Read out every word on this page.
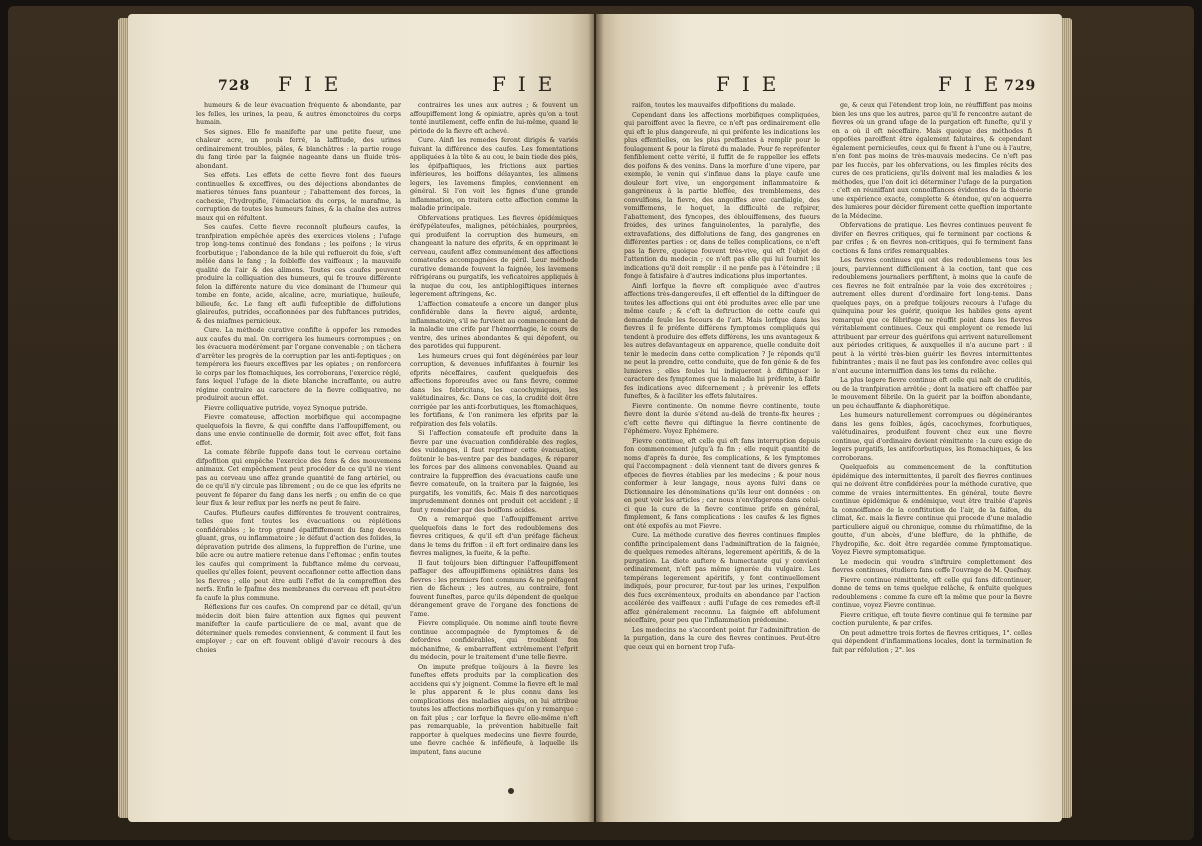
728 FIE	FIE

humeurs & de leur évacuation fréquente & abondante, par les felles, les urines, la peau, & autres émonctoires du corps humain.

Ses signes. Elle fe manifefte par une petite fueur, une chaleur acre, un pouls ferré, la laffitude, des urines ordinairement troubles, pâles, & blanchâtres : la partie rouge du fang tirée par la faignée nageante dans un fluide très-abondant.

Ses effets. Les effets de cette fievre font des fueurs continuelles & exceffives, ou des déjections abondantes de matieres ténues fans puanteur ; l'abattement des forces, la cachexie, l'hydropifie, l'émaciation du corps, le marafme, la corruption de toutes les humeurs faines, & la chaîne des autres maux qui en réfultent.

Ses caufes. Cette fievre reconnoît plufieurs caufes, la tranfpiration empêchée après des exercices violens ; l'ufage trop long-tems continué des fondans ; les poifons ; le virus fcorbutique ; l'abondance de la bile qui reflueroit du foie, s'eft mêlée dans le fang ; la foibleffe des vaiffeaux ; la mauvaife qualité de l'air & des alimens. Toutes ces caufes peuvent produire la colliquation des humeurs, qui fe trouve différente felon la différente nature du vice dominant de l'humeur qui tombe en fonte, acide, alcaline, acre, muriatique, huileufe, bilieufe, &c. Le fang eft aufli fufceptible de diffolutions glaireufes, putrides, occafionnées par des fubftances putrides, & des miafmes pernicieux.

Cure. La méthode curative confifte à oppofer les remedes aux caufes du mal. On corrigera les humeurs corrompues ; on les évacuera modérément par l'organe convenable ; on tâchera d'arrêter les progrès de la corruption par les anti-feptiques ; on tempérera les fueurs exceffives par les opiates ; on renforcera le corps par les ftomachiques, les corroborans, l'exercice réglé, fans lequel l'ufage de la diete blanche incraffante, ou autre régime contraire au caractere de la fievre colliquative, ne produiroit aucun effet.

Fievre colliquative putride, voyez Synoque putride.

Fievre comateuse, affection morbifique qui accompagne quelquefois la fievre, & qui confifte dans l'affoupiffement, ou dans une envie continuelle de dormir, foit avec effet, foit fans effet.

La comate fébrile fuppofe dans tout le cerveau certaine difpofition qui empêche l'exercice des fens & des mouvemens animaux. Cet empêchement peut procéder de ce qu'il ne vient pas au cerveau une affez grande quantité de fang artériel, ou de ce qu'il n'y circule pas librement ; ou de ce que les efprits ne peuvent fe féparer du fang dans les nerfs ; ou enfin de ce que leur flux & leur reflux par les nerfs ne peut fe faire.

Caufes. Plufieurs caufes différentes fe trouvent contraires, telles que font toutes les évacuations ou réplétions confidérables ; le trop grand épaiffiffement du fang devenu gluant, gras, ou inflammatoire ; le défaut d'action des folides, la dépravation putride des alimens, la fuppreffion de l'urine, une bile acre ou autre matiere retenue dans l'eftomac ; enfin toutes les caufes qui compriment la fubftance même du cerveau, quelles qu'elles foient, peuvent occafionner cette affection dans les fievres ; elle peut être aufli l'effet de la compreffion des nerfs. Enfin le fpafme des membranes du cerveau eft peut-être fa caufe la plus commune.

Réflexions fur ces caufes. On comprend par ce détail, qu'un médecin doit bien faire attention aux fignes qui peuvent manifefter la caufe particuliere de ce mal, avant que de déterminer quels remedes conviennent, & comment il faut les employer ; car on eft fouvent obligé d'avoir recours à des choies

contraires les unes aux autres ; & fouvent un affoupiffement long & opiniatre, après qu'on a tout tenté inutilement, ceffe enfin de lui-même, quand le période de la fievre eft achevé.

Cure. Ainfi les remedes feront dirigés & variés fuivant la différence des caufes. Les fomentations appliquées à la tête & au cou, le bain tiede des piés, les épifpaftiques, les frictions aux parties inférieures, les boiffons délayantes, les alimens legers, les lavemens fimples, conviennent en général. Si l'on voit les fignes d'une grande inflammation, on traitera cette affection comme la maladie principale.

Obfervations pratiques. Les fievres épidémiques éréfypélateufes, malignes, pétéchiales, pourprées, qui produifent la corruption des humeurs, en changeant la nature des efprits, & en opprimant le cerveau, caufent affez communément des affections comateufes accompagnées de péril. Leur méthode curative demande fouvent la faignée, les lavemens réfrigérans ou purgatifs, les veficatoires appliqués à la nuque du cou, les antiphlogiftiques internes legerement aftringens, &c.

L'affection comateufe a encore un danger plus confidérable dans la fievre aiguë, ardente, inflammatoire, s'il ne furvient au commencement de la maladie une crife par l'hémorrhagie, le cours de ventre, des urines abondantes & qui dépofent, ou des parotides qui fuppurent.

Les humeurs crues qui font dégénérées par leur corruption, & devenues infufifantes à fournir les efprits néceffaires, caufent quelquefois des affections foporeufes avec ou fans fievre, comme dans les febricitans, les cacochymiques, les valétudinaires, &c. Dans ce cas, la crudité doit être corrigée par les anti-fcorbutiques, les ftomachiques, les fortifians, & l'on ranimera les efprits par la refpiration des fels volatils.

Si l'affection comateufe eft produite dans la fievre par une évacuation confidérable des regles, des vuidanges, il faut reprimer cette évacuation, foûtenir le bas-ventre par des bandages, & réparer les forces par des alimens convenables. Quand au contraire la fuppreffion des évacuations caufe une fievre comateufe, on la traitera par la faignée, les purgatifs, les vomitifs, &c. Mais fi des narcotiques imprudemment donnés ont produit cet accident ; il faut y remédier par des boiffons acides.

On a remarqué que l'affoupiffement arrive quelquefois dans le fort des redoublemens des fievres critiques, & qu'il eft d'un préfage fâcheux dans le tems du friffon : il eft fort ordinaire dans les fievres malignes, la fueite, & la pefte.

Il faut toûjours bien diftinguer l'affoupiffement paffager des affoupiffemens opiniâtres dans les fievres : les premiers font communs & ne préfagent rien de fâcheux ; les autres, au contraire, font fouvent funeftes, parce qu'ils dépendent de quelque dérangement grave de l'organe des fonctions de l'ame.

Fievre compliquée. On nomme ainfi toute fievre continue accompagnée de fymptomes & de defordres confidérables, qui troublent fon méchanifme, & embarraffent extrêmement l'efprit du médecin, pour le traitement d'une telle fievre.

On impute prefque toûjours à la fievre les funeftes effets produits par la complication des accidens qui s'y joignent. Comme la fievre eft le mal le plus apparent & le plus connu dans les complications des maladies aiguës, on lui attribue toutes les affections morbifiques qu'on y remarque : on fait plus ; car lorfque la fievre elle-même n'eft pas remarquable, la prévention habituelle fait rapporter à quelques medecins une fievre fourde, une fievre cachée & inféfieufe, à laquelle ils imputent, fans aucune

FIE	FIE
729

raifon, toutes les mauvaifes difpofitions du malade.

Cependant dans les affections morbifiques compliquées, qui paroiffent avec la fievre, ce n'eft pas ordinairement elle qui eft le plus dangereufe, ni qui préfente les indications les plus effentielles, on les plus preffantes à remplir pour le foulagement & pour la fûreté du malade. Pour fe repréfenter fenfiblement cette vérité, il fuffit de fe rappeller les effets des poifons & des venins. Dans la morfure d'une vipere, par exemple, le venin qui s'infinue dans la playe caufe une douleur fort vive, un engorgement inflammatoire & gangréneux à la partie bleffée, des tremblemens, des convulfions, la fievre, des angoiffes avec cardialgie, des vomiffemens, le hoquet, la difficulté de refpirer, l'abattement, des fyncopes, des éblouiffemens, des fueurs froides, des urines fanguinolentes, la paralyfie, des extravafations, des diffolutions de fang, des gangrenes en différentes parties : or, dans de telles complications, ce n'eft pas la fievre, quoique fouvent très-vive, qui eft l'objet de l'attention du medecin ; ce n'eft pas elle qui lui fournit les indications qu'il doit remplir : il ne penfe pas à l'éteindre ; il fonge à fatisfaire à d'autres indications plus importantes.

Ainfi lorfque la fievre eft compliquée avec d'autres affections très-dangereufes, il eft effentiel de la diftinguer de toutes les affections qui ont été produites avec elle par une même caufe ; & c'eft la deftruction de cette caufe qui demande feule les fecours de l'art. Mais lorfque dans les fievres il fe préfente différens fymptomes compliqués qui tendent à produire des effets différens, les uns avantageux & les autres defavantageux en apparence, quelle conduite doit tenir le medecin dans cette complication ? Je réponds qu'il ne peut la prendre, cette conduite, que de fon génie & de fes lumieres ; elles feules lui indiqueront à diftinguer le caractere des fymptomes que la maladie lui préfente, à faifir fes indications avec difcernement ; à prévenir les effets funeftes, & à faciliter les effets falutaires.

Fievre continente. On nomme fievre continente, toute fievre dont la durée s'étend au-delà de trente-fix heures ; c'eft cette fievre qui diftingue la fievre continente de l'éphémere. Voyez Ephémere.

Fievre continue, eft celle qui eft fans interruption depuis fon commencement jufqu'à fa fin ; elle requit quantité de noms d'après fa durée, fes complications, & les fymptomes qui l'accompagnent : delà viennent tant de divers genres & efpeces de fievres établies par les medecins ; & pour nous conformer à leur langage, nous ayons fuivi dans ce Dictionnaire les dénominations qu'ils leur ont données : on en peut voir les articles ; car nous n'envifagerons dans celui-ci que la cure de la fievre continue prife en général, fimplement, & fans complications : les caufes & les fignes ont été expofés au mot Fievre.

Cure. La méthode curative des fievres continues fimples confifte principalement dans l'adminiftration de la faignée, de quelques remedes altérans, legerement apéritifs, & de la purgation. La diete auftere & humectante qui y convient ordinairement, n'eft pas même ignorée du vulgaire. Les tempérans legerement apéritifs, y font continuellement indiqués, pour procurer, fur-tout par les urines, l'expulfion des fucs excrémenteux, produits en abondance par l'action accélérée des vaiffeaux : aufli l'ufage de ces remedes eft-il affez généralement reconnu. La faignée eft abfolument néceffaire, pour peu que l'inflammation prédomine.

Les medecins ne s'accordent point fur l'adminiftration de la purgation, dans la cure des fievres continues. Peut-être que ceux qui en bornent trop l'ufa-

ge, & ceux qui l'étendent trop loin, ne réuffiffent pas moins bien les uns que les autres, parce qu'il fe rencontre autant de fievres où un grand ufage de la purgation eft funefte, qu'il y en a où il eft néceffaire. Mais quoique des méthodes fi oppofées paroiffent être également falutaires, & cependant également pernicieufes, ceux qui fe fixent à l'une ou à l'autre, n'en font pas moins de très-mauvais medecins. Ce n'eft pas par les fuccès, par les obfervations, ou les fimples récits des cures de ces praticiens, qu'ils doivent mal les maladies & les méthodes, que l'on doit ici déterminer l'ufage de la purgation : c'eft en réuniffant aux connoiffances évidentes de la théorie une expérience exacte, complette & étendue, qu'on acquerra des lumieres pour décider fûrement cette queftion importante de la Médecine.

Obfervations de pratique. Les fievres continues peuvent fe divifer en fievres critiques, qui fe terminent par coctions & par crifes ; & en fievres non-critiques, qui fe terminent fans coctions & fans crifes remarquables.

Les fievres continues qui ont des redoublemens tous les jours, parviennent difficilement à la coction, tant que ces redoublemens journaliers perfiftent, à moins que la caufe de ces fievres ne foit entraînée par la voie des excrétoires ; autrement elles durent d'ordinaire fort long-tems. Dans quelques pays, on a prefque toûjours recours à l'ufage du quinquina pour les guérir, quoique les habiles gens ayent remarqué que ce fébrifuge ne réuffit point dans les fievres véritablement continues. Ceux qui employent ce remede lui attribuent par erreur des guérifons qui arrivent naturellement aux périodes critiques, & auxquelles il n'a aucune part : il peut à la vérité très-bien guérir les fievres intermittentes fubintrantes ; mais il ne faut pas les confondre avec celles qui n'ont aucune intermiffion dans les tems du relâche.

La plus legere fievre continue eft celle qui naît de crudités, ou de la tranfpiration arrêtée ; dont la matiere eft chaffée par le mouvement fébrile. On la guérit par la boiffon abondante, un peu échauffante & diaphorétique.

Les humeurs naturellement corrompues ou dégénérantes dans les gens foibles, âgés, cacochymes, fcorbutiques, valétudinaires, produifent fouvent chez eux une fievre continue, qui d'ordinaire devient rémittente : la cure exige de legers purgatifs, les antifcorbutiques, les ftomachiques, & les corroborans.

Quelquefois au commencement de la conftitution épidémique des intermittentes, il paroît des fievres continues qui ne doivent être confidérées pour la méthode curative, que comme de vraies intermittentes. En général, toute fievre continue épidémique & endémique, veut être traitée d'après la connoiffance de la conftitution de l'air, de la faifon, du climat, &c. mais la fievre continue qui procede d'une maladie particuliere aiguë ou chronique, comme du rhûmatifme, de la goutte, d'un abcès, d'une bleffure, de la phthifie, de l'hydropifie, &c. doit être regardée comme fymptomatique. Voyez Fievre symptomatique.

Le medecin qui voudra s'inftruire complettement des fievres continues, étudiera fans ceffe l'ouvrage de M. Quefnay.

Fievre continue rémittente, eft celle qui fans difcontinuer, donne de tems en tems quelque relâche, & enfuite quelques redoublemens : comme fa cure eft la même que pour la fievre continue, voyez Fievre continue.

Fievre critique, eft toute fievre continue qui fe termine par coction purulente, & par crifes.

On peut admettre trois fortes de fievres critiques, 1°. celles qui dépendent d'inflammations locales, dont la termination fe fait par réfolution ; 2°. les
